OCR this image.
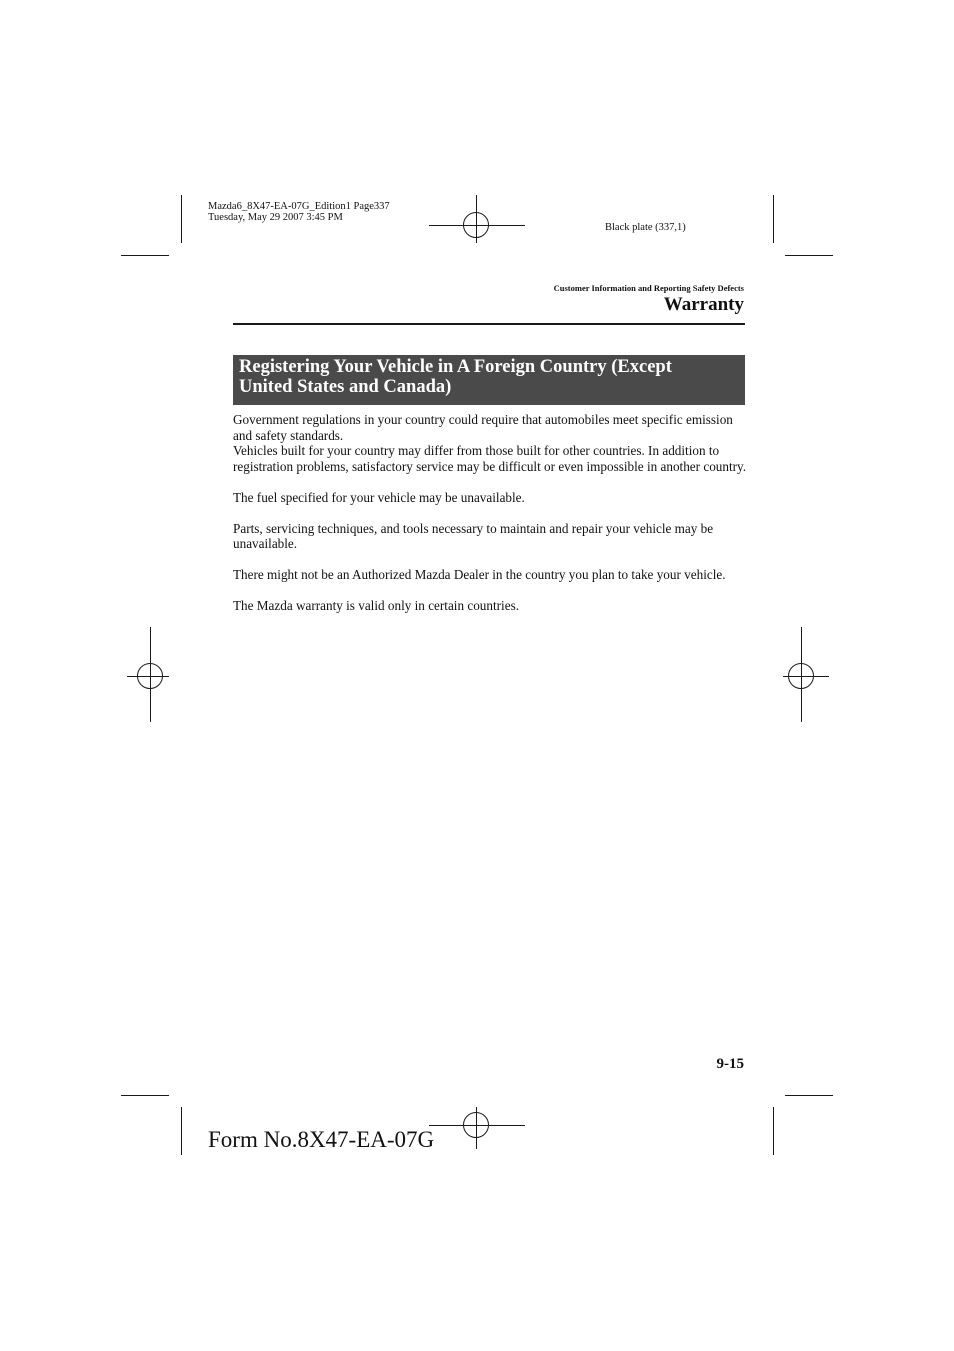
Mazda6_8X47-EA-07G_Edition1 Page337
Tuesday, May 29 2007 3:45 PM
Black plate (337,1)
Customer Information and Reporting Safety Defects
Warranty
Registering Your Vehicle in A Foreign Country (Except
United States and Canada)

Government regulations in your country could require that automobiles meet specific emission and safety standards.

Vehicles built for your country may differ from those built for other countries. In addition to registration problems, satisfactory service may be difficult or even impossible in another country.

The fuel specified for your vehicle may be unavailable.

Parts, servicing techniques, and tools necessary to maintain and repair your vehicle may be unavailable.

There might not be an Authorized Mazda Dealer in the country you plan to take your vehicle.

The Mazda warranty is valid only in certain countries.

9-15
Form No.8X47-EA-07G
